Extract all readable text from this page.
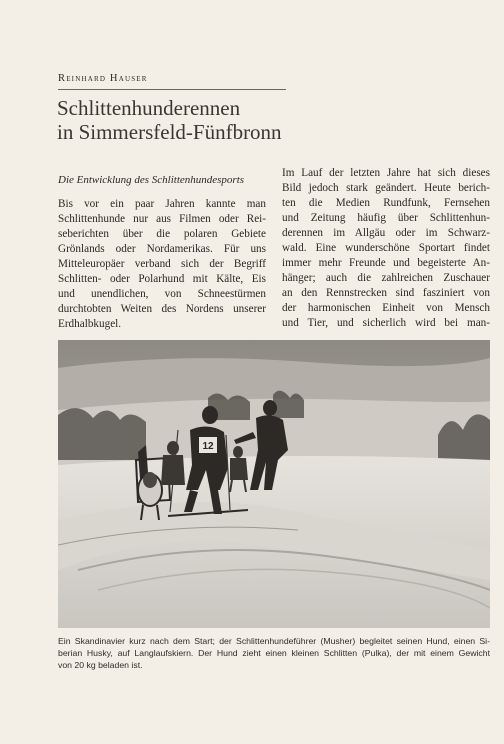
Reinhard Hauser
Schlittenhunderennen
in Simmersfeld-Fünfbronn
Die Entwicklung des Schlittenhundesports
Bis vor ein paar Jahren kannte man
Schlittenhunde nur aus Filmen oder Rei-
seberichten über die polaren Gebiete
Grönlands oder Nordamerikas. Für uns
Mitteleuropäer verband sich der Begriff
Schlitten- oder Polarhund mit Kälte, Eis
und unendlichen, von Schneestürmen
durchtobten Weiten des Nordens unserer
Erdhalbkugel.
Im Lauf der letzten Jahre hat sich dieses
Bild jedoch stark geändert. Heute berich-
ten die Medien Rundfunk, Fernsehen
und Zeitung häufig über Schlittenhun-
derennen im Allgäu oder im Schwarz-
wald. Eine wunderschöne Sportart findet
immer mehr Freunde und begeisterte An-
hänger; auch die zahlreichen Zuschauer
an den Rennstrecken sind fasziniert von
der harmonischen Einheit von Mensch
und Tier, und sicherlich wird bei man-
12
Ein Skandinavier kurz nach dem Start; der Schlittenhundeführer (Musher) begleitet seinen Hund, einen Si-
berian Husky, auf Langlaufskiern. Der Hund zieht einen kleinen Schlitten (Pulka), der mit einem Gewicht
von 20 kg beladen ist.
